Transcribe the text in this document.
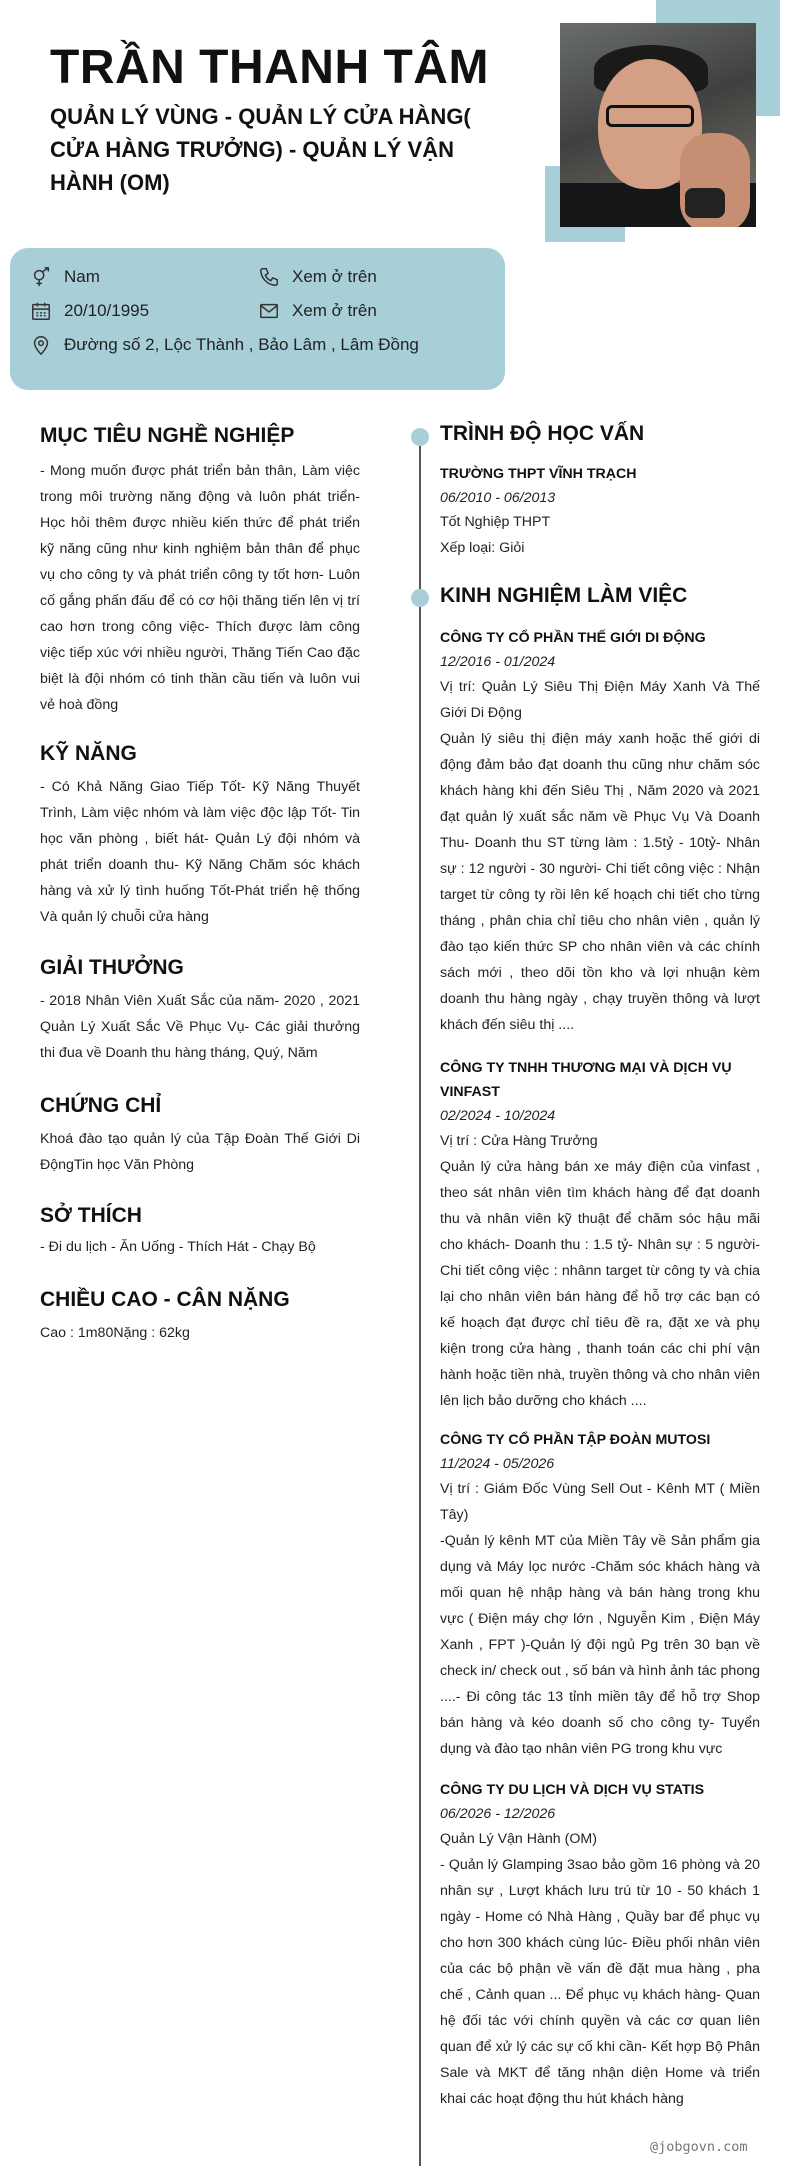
TRẦN THANH TÂM
QUẢN LÝ VÙNG - QUẢN LÝ CỬA HÀNG( CỬA HÀNG TRƯỞNG) - QUẢN LÝ VẬN HÀNH (OM)
Nam	Xem ở trên
20/10/1995	Xem ở trên
Đường số 2, Lộc Thành , Bảo Lâm , Lâm Đồng
MỤC TIÊU NGHỀ NGHIỆP
- Mong muốn được phát triển bản thân, Làm việc trong môi trường năng động và luôn phát triển- Học hỏi thêm được nhiều kiến thức để phát triển kỹ năng cũng như kinh nghiệm bản thân để phục vụ cho công ty và phát triển công ty tốt hơn- Luôn cố gắng phấn đấu để có cơ hội thăng tiến lên vị trí cao hơn trong công việc- Thích được làm công việc tiếp xúc với nhiều người, Thăng Tiến Cao đặc biệt là đội nhóm có tinh thần cầu tiến và luôn vui vẻ hoà đồng
KỸ NĂNG
- Có Khả Năng Giao Tiếp Tốt- Kỹ Năng Thuyết Trình, Làm việc nhóm và làm việc độc lập Tốt- Tin học văn phòng , biết hát- Quản Lý đội nhóm và phát triển doanh thu- Kỹ Năng Chăm sóc khách hàng và xử lý tình huống Tốt-Phát triển hệ thống Và quản lý chuỗi cửa hàng
GIẢI THƯỞNG
- 2018 Nhân Viên Xuất Sắc của năm- 2020 , 2021 Quản Lý Xuất Sắc Về Phục Vụ- Các giải thưởng thi đua về Doanh thu hàng tháng, Quý, Năm
CHỨNG CHỈ
Khoá đào tạo quản lý của Tập Đoàn Thế Giới Di ĐộngTin học Văn Phòng
SỞ THÍCH
- Đi du lịch - Ăn Uống - Thích Hát - Chạy Bộ
CHIỀU CAO - CÂN NẶNG
Cao : 1m80Nặng : 62kg
TRÌNH ĐỘ HỌC VẤN
TRƯỜNG THPT VĨNH TRẠCH
06/2010 - 06/2013
Tốt Nghiệp THPT
Xếp loại: Giỏi
KINH NGHIỆM LÀM VIỆC
CÔNG TY CỔ PHẦN THẾ GIỚI DI ĐỘNG
12/2016 - 01/2024
Vị trí: Quản Lý Siêu Thị Điện Máy Xanh Và Thế Giới Di Động
Quản lý siêu thị điện máy xanh hoặc thế giới di động đảm bảo đạt doanh thu cũng như chăm sóc khách hàng khi đến Siêu Thị , Năm 2020 và 2021 đạt quản lý xuất sắc năm về Phục Vụ Và Doanh Thu- Doanh thu ST từng làm : 1.5tỷ - 10tỷ- Nhân sự : 12 người - 30 người- Chi tiết công việc : Nhận target từ công ty rồi lên kế hoạch chi tiết cho từng tháng , phân chia chỉ tiêu cho nhân viên , quản lý đào tạo kiến thức SP cho nhân viên và các chính sách mới , theo dõi tồn kho và lợi nhuận kèm doanh thu hàng ngày , chạy truyền thông và lượt khách đến siêu thị ....
CÔNG TY TNHH THƯƠNG MẠI VÀ DỊCH VỤ VINFAST
02/2024 - 10/2024
Vị trí : Cửa Hàng Trưởng
Quản lý cửa hàng bán xe máy điện của vinfast , theo sát nhân viên tìm khách hàng để đạt doanh thu và nhân viên kỹ thuật để chăm sóc hậu mãi cho khách- Doanh thu : 1.5 tỷ- Nhân sự : 5 người- Chi tiết công việc : nhânn target từ công ty và chia lại cho nhân viên bán hàng để hỗ trợ các bạn có kế hoạch đạt được chỉ tiêu đề ra, đặt xe và phụ kiện trong cửa hàng , thanh toán các chi phí vận hành hoặc tiền nhà, truyền thông và cho nhân viên lên lịch bảo dưỡng cho khách ....
CÔNG TY CỔ PHẦN TẬP ĐOÀN MUTOSI
11/2024 - 05/2026
Vị trí : Giám Đốc Vùng Sell Out - Kênh MT ( Miền Tây)
-Quản lý kênh MT của Miền Tây về Sản phẩm gia dụng và Máy lọc nước -Chăm sóc khách hàng và mối quan hệ nhập hàng và bán hàng trong khu vực ( Điện máy chợ lớn , Nguyễn Kim , Điện Máy Xanh , FPT )-Quản lý đội ngủ Pg trên 30 bạn về check in/ check out , số bán và hình ảnh tác phong ....- Đi công tác 13 tỉnh miền tây để hỗ trợ Shop bán hàng và kéo doanh số cho công ty- Tuyển dụng và đào tạo nhân viên PG trong khu vực
CÔNG TY DU LỊCH VÀ DỊCH VỤ STATIS
06/2026 - 12/2026
Quản Lý Vận Hành (OM)
- Quản lý Glamping 3sao bảo gồm 16 phòng và 20 nhân sự , Lượt khách lưu trú từ 10 - 50 khách 1 ngày - Home có Nhà Hàng , Quầy bar để phục vụ cho hơn 300 khách cùng lúc- Điều phối nhân viên của các bộ phận về vấn đề đặt mua hàng , pha chế , Cảnh quan ... Để phục vụ khách hàng- Quan hệ đối tác với chính quyền và các cơ quan liên quan để xử lý các sự cố khi cần- Kết hợp Bộ Phân Sale và MKT để tăng nhận diện Home và triển khai các hoạt động thu hút khách hàng
@jobgovn.com
